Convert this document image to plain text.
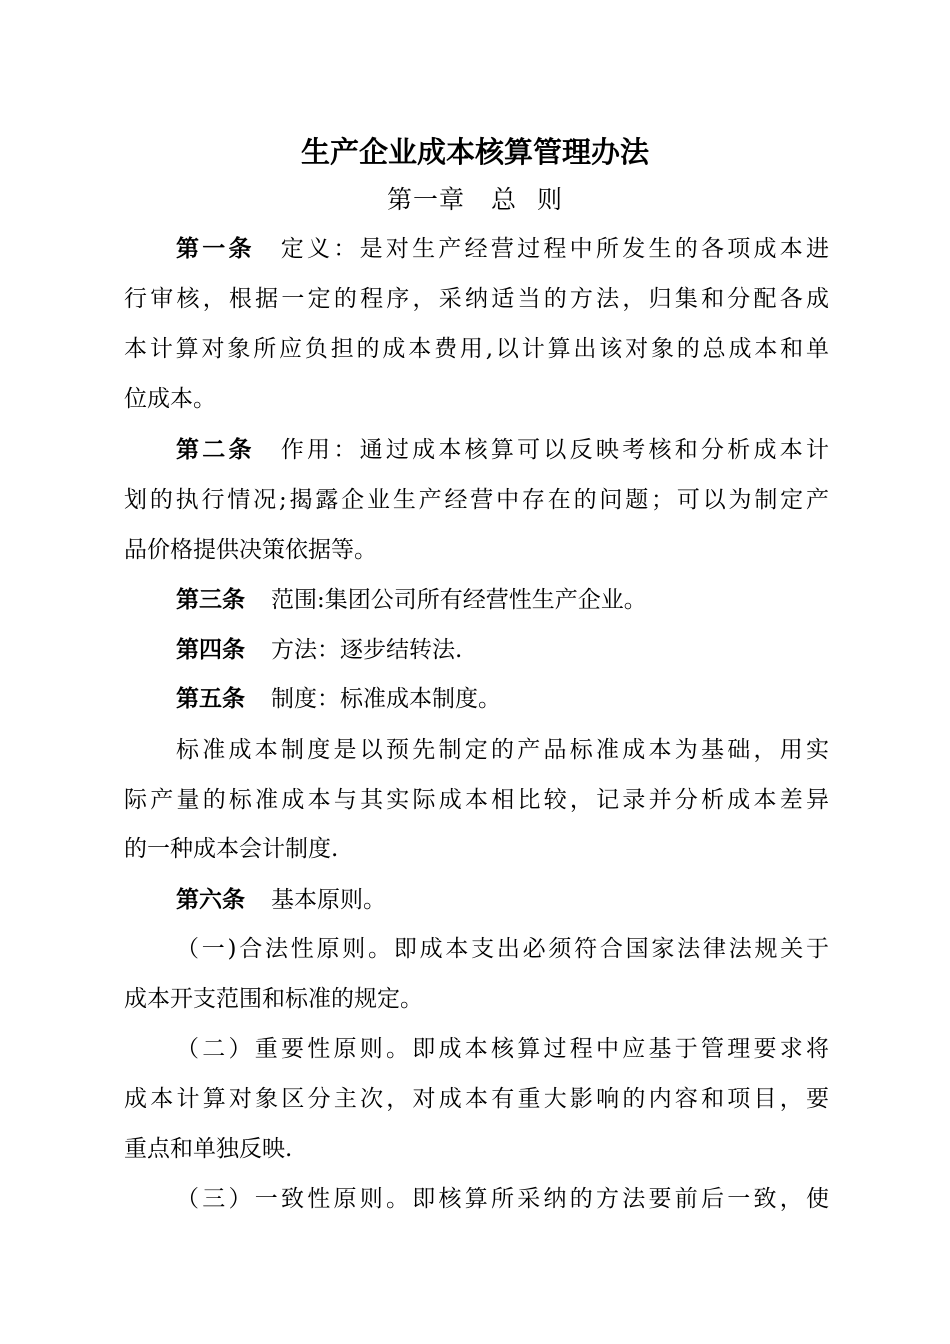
生产企业成本核算管理办法
第一章 总 则
第一条 定义：是对生产经营过程中所发生的各项成本进
行审核，根据一定的程序，采纳适当的方法，归集和分配各成
本计算对象所应负担的成本费用,以计算出该对象的总成本和单
位成本。
第二条 作用：通过成本核算可以反映考核和分析成本计
划的执行情况;揭露企业生产经营中存在的问题；可以为制定产
品价格提供决策依据等。
第三条 范围:集团公司所有经营性生产企业。
第四条 方法：逐步结转法.
第五条 制度：标准成本制度。
标准成本制度是以预先制定的产品标准成本为基础，用实
际产量的标准成本与其实际成本相比较，记录并分析成本差异
的一种成本会计制度.
第六条 基本原则。
（一)合法性原则。即成本支出必须符合国家法律法规关于
成本开支范围和标准的规定。
（二）重要性原则。即成本核算过程中应基于管理要求将
成本计算对象区分主次，对成本有重大影响的内容和项目，要
重点和单独反映.
（三）一致性原则。即核算所采纳的方法要前后一致，使
